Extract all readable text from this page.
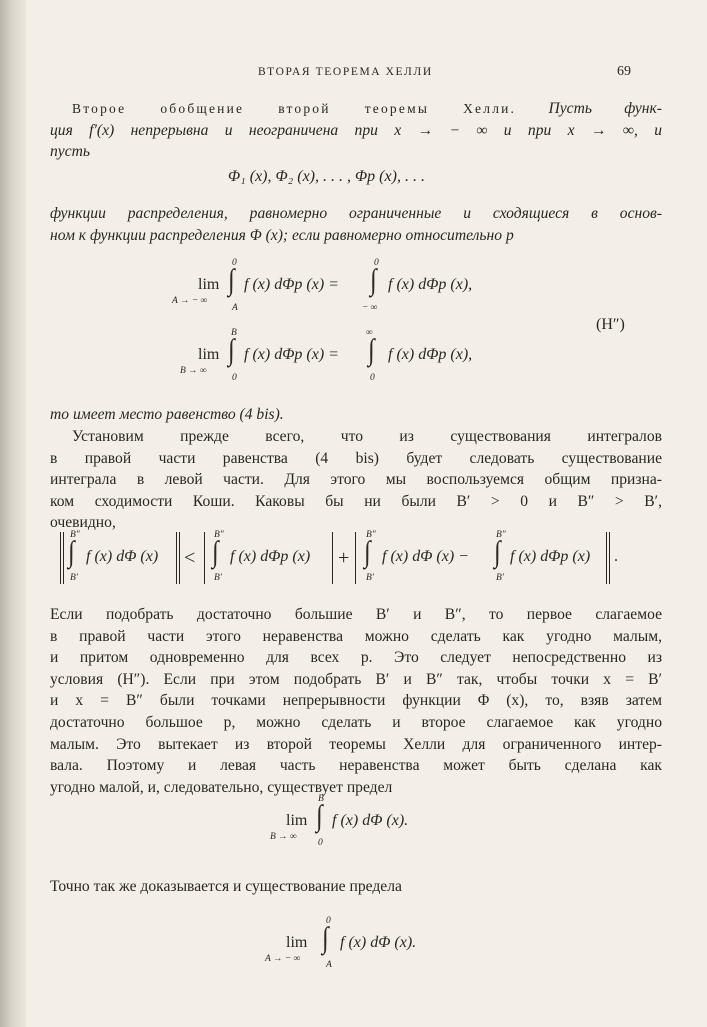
ВТОРАЯ ТЕОРЕМА ХЕЛЛИ	69
Второе обобщение второй теоремы Хелли. Пусть функ-
ция f′(x) непрерывна и неограничена при x → − ∞ и при x → ∞, и
пусть
Φ₁ (x), Φ₂ (x), . . . , Φp (x), . . .
функции распределения, равномерно ограниченные и сходящиеся в основ-
ном к функции распределения Φ (x); если равномерно относительно p
lim
A → − ∞
0
∫
A
f (x) dΦp (x) =
0
∫
− ∞
f (x) dΦp (x),
lim
B → ∞
B
∫
0
f (x) dΦp (x) =
∞
∫
0
f (x) dΦp (x),
(H″)
то имеет место равенство (4 bis).
Установим прежде всего, что из существования интегралов
в правой части равенства (4 bis) будет следовать существование
интеграла в левой части. Для этого мы воспользуемся общим призна-
ком сходимости Коши. Каковы бы ни были B′ > 0 и B″ > B′,
очевидно,
B″
∫
B′
f (x) dΦ (x) <
B″
∫
B′
f (x) dΦp (x) +
B″
∫
B′
f (x) dΦ (x) −
B″
∫
B′
f (x) dΦp (x) .
Если подобрать достаточно большие B′ и B″, то первое слагаемое
в правой части этого неравенства можно сделать как угодно малым,
и притом одновременно для всех p. Это следует непосредственно из
условия (H″). Если при этом подобрать B′ и B″ так, чтобы точки x = B′
и x = B″ были точками непрерывности функции Φ (x), то, взяв затем
достаточно большое p, можно сделать и второе слагаемое как угодно
малым. Это вытекает из второй теоремы Хелли для ограниченного интер-
вала. Поэтому и левая часть неравенства может быть сделана как
угодно малой, и, следовательно, существует предел
lim
B → ∞
B
∫
0
f (x) dΦ (x).
Точно так же доказывается и существование предела
lim
A → − ∞
0
∫
A
f (x) dΦ (x).
